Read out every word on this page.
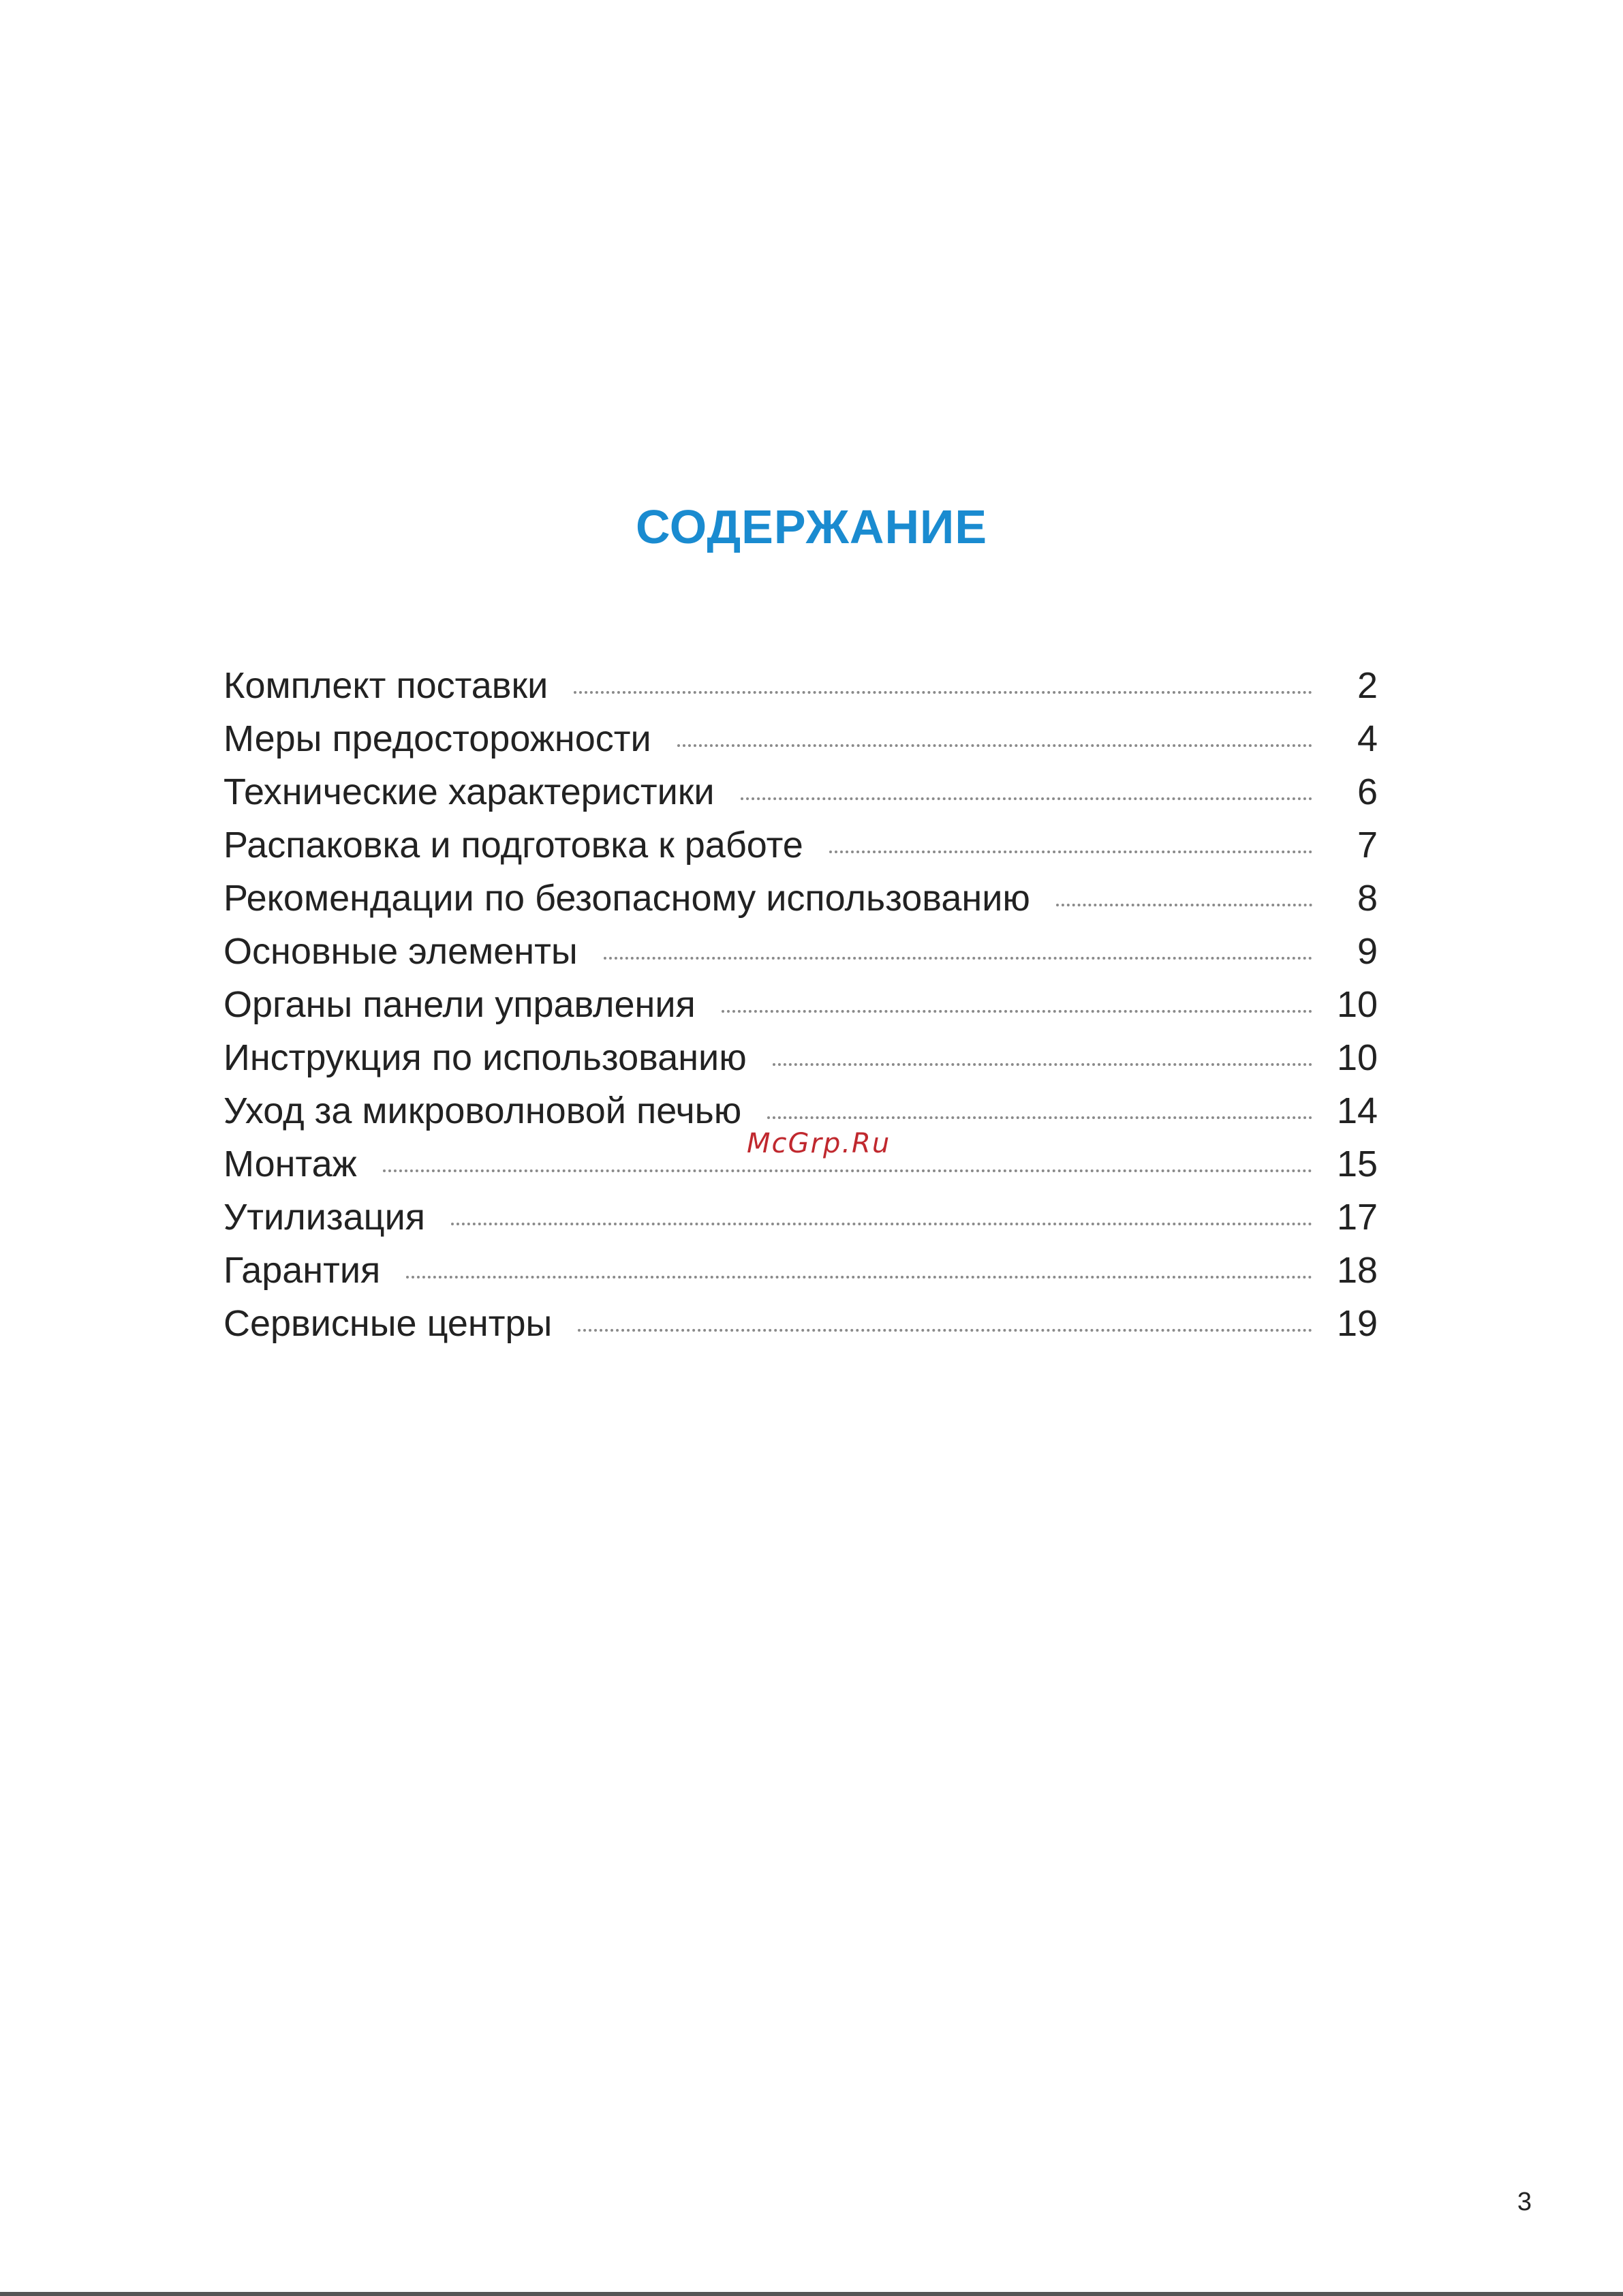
СОДЕРЖАНИЕ
Комплект поставки	2
Меры предосторожности	4
Технические характеристики	6
Распаковка и подготовка к работе	7
Рекомендации по безопасному использованию	8
Основные элементы	9
Органы панели управления	10
Инструкция по использованию	10
Уход за микроволновой печью	14
Монтаж	15
Утилизация	17
Гарантия	18
Сервисные центры	19
McGrp.Ru
3
